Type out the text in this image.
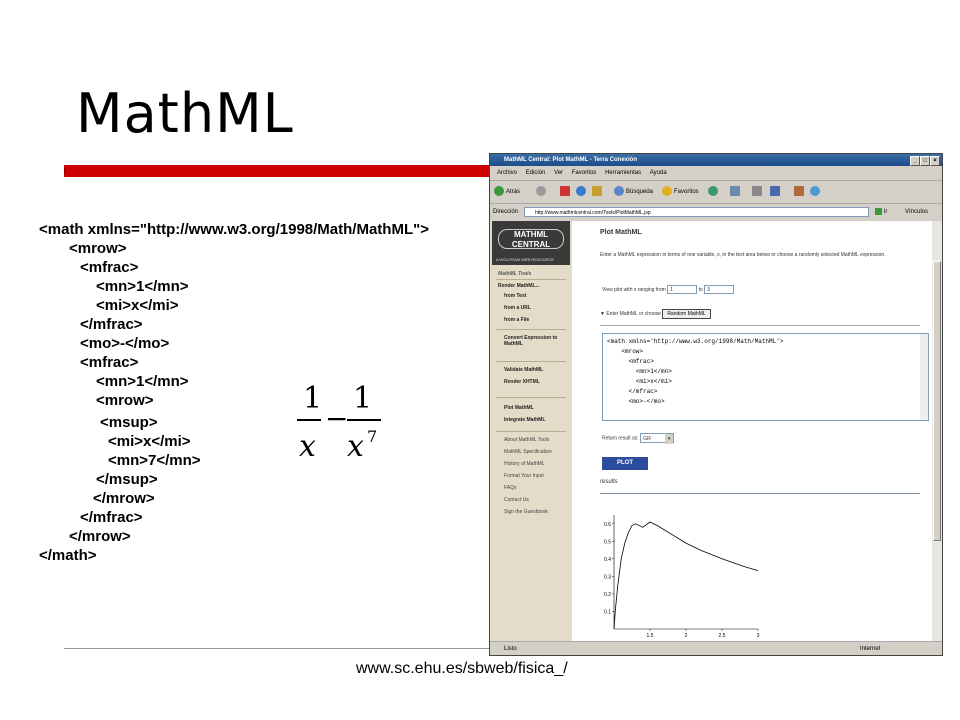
MathML
<math xmlns="http://www.w3.org/1998/Math/MathML">
<mrow>
<mfrac>
<mn>1</mn>
<mi>x</mi>
</mfrac>
<mo>-</mo>
<mfrac>
<mn>1</mn>
<mrow>
<msup>
<mi>x</mi>
<mn>7</mn>
</msup>
</mrow>
</mfrac>
</mrow>
</math>
1
x
−
1
x 7
www.sc.ehu.es/sbweb/fisica_/
MathML Central: Plot MathML - Terra Conexión	_	□	×
Archivo Edición Ver Favoritos Herramientas Ayuda
Atrás	Búsqueda	Favoritos
Dirección	http://www.mathmlcentral.com/Tools/PlotMathML.jsp	Ir	Vínculos
MATHML CENTRAL
A WOLFRAM WEB RESOURCE
MathML Tools
Render MathML...
from Text
from a URL
from a File
Convert Expression to MathML
Validate MathML
Render XHTML
Plot MathML
Integrate MathML
About MathML Tools
MathML Specification
History of MathML
Format Your Input
FAQs
Contact Us
Sign the Guestbook
Plot MathML
Enter a MathML expression in terms of one variable, x, in the text area below or choose a randomly selected MathML expression.
View plot with x ranging from 1	to 3
▼ Enter MathML or choose Random MathML
<math xmlns='http://www.w3.org/1998/Math/MathML'>
<mrow>
<mfrac>
<mn>1</mn>
<mi>x</mi>
</mfrac>
<mo>-</mo>
Return result as: GIF	▾
PLOT
results
0.1
0.2
0.3
0.4
0.5
0.6
1.5	2	2.5	3
Listo	Internet
